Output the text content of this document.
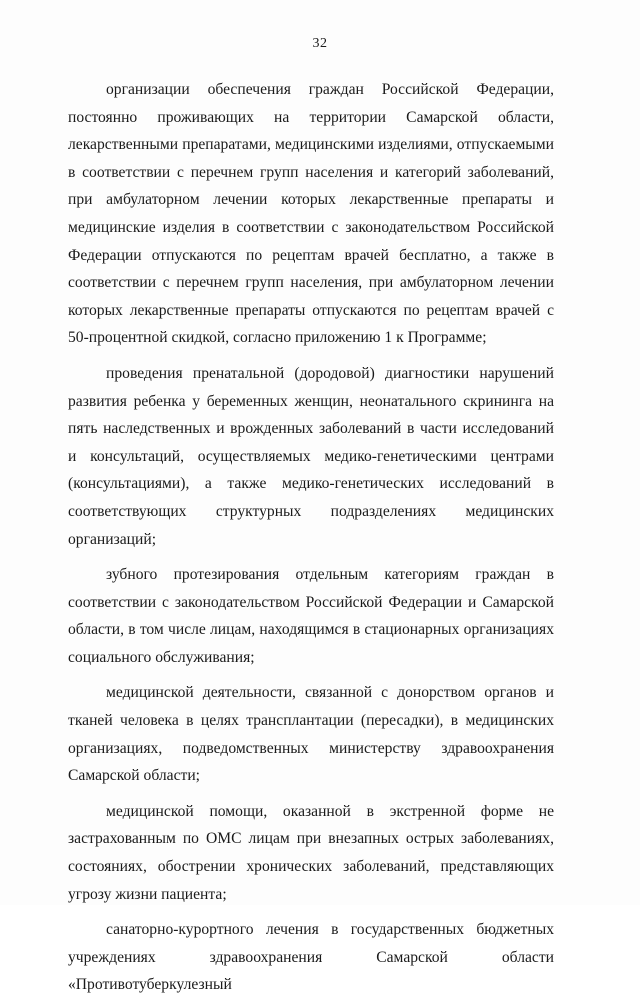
32

организации обеспечения граждан Российской Федерации, постоянно проживающих на территории Самарской области, лекарственными препаратами, медицинскими изделиями, отпускаемыми в соответствии с перечнем групп населения и категорий заболеваний, при амбулаторном лечении которых лекарственные препараты и медицинские изделия в соответствии с законодательством Российской Федерации отпускаются по рецептам врачей бесплатно, а также в соответствии с перечнем групп населения, при амбулаторном лечении которых лекарственные препараты отпускаются по рецептам врачей с 50-процентной скидкой, согласно приложению 1 к Программе;

проведения пренатальной (дородовой) диагностики нарушений развития ребенка у беременных женщин, неонатального скрининга на пять наследственных и врожденных заболеваний в части исследований и консультаций, осуществляемых медико-генетическими центрами (консультациями), а также медико-генетических исследований в соответствующих структурных подразделениях медицинских организаций;

зубного протезирования отдельным категориям граждан в соответствии с законодательством Российской Федерации и Самарской области, в том числе лицам, находящимся в стационарных организациях социального обслуживания;

медицинской деятельности, связанной с донорством органов и тканей человека в целях трансплантации (пересадки), в медицинских организациях, подведомственных министерству здравоохранения Самарской области;

медицинской помощи, оказанной в экстренной форме не застрахованным по ОМС лицам при внезапных острых заболеваниях, состояниях, обострении хронических заболеваний, представляющих угрозу жизни пациента;

санаторно-курортного лечения в государственных бюджетных учреждениях здравоохранения Самарской области «Противотуберкулезный
